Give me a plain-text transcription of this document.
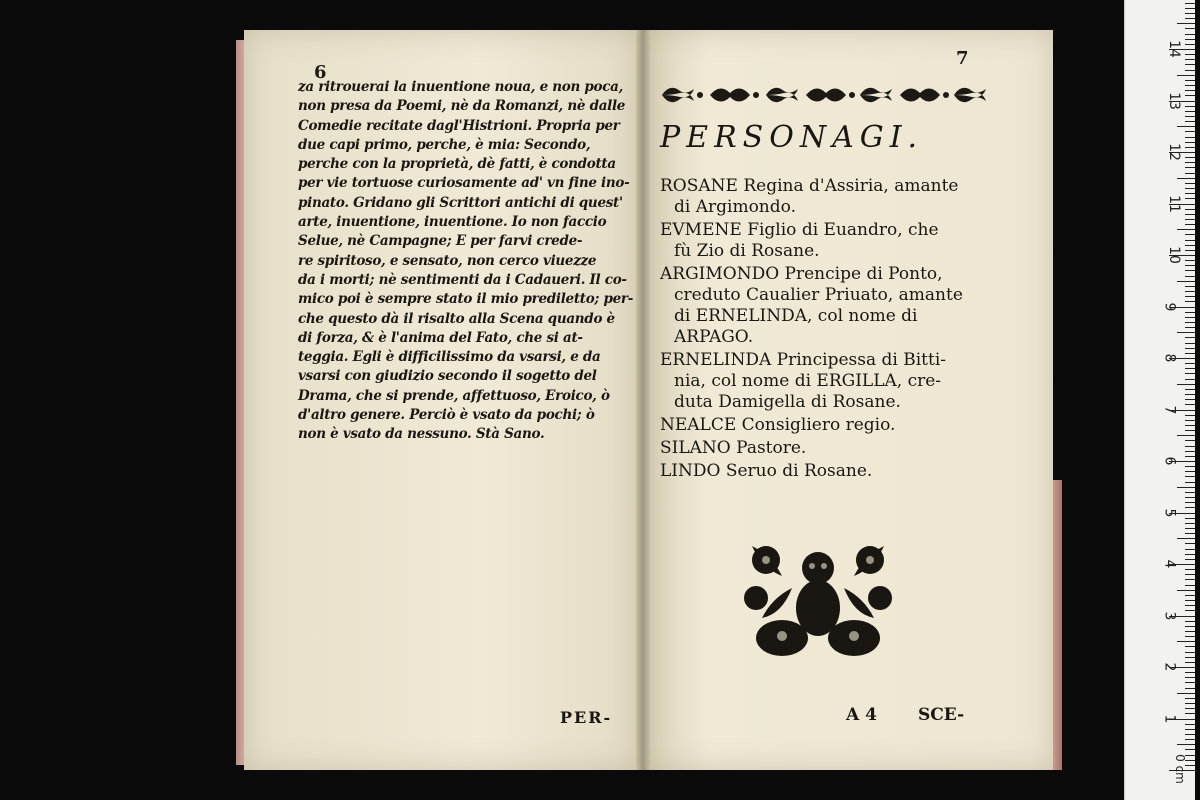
6
za ritrouerai la inuentione noua, e non poca,
non presa da Poemi, nè da Romanzi, nè dalle
Comedie recitate dagl'Histrioni. Propria per
due capi primo, perche, è mia: Secondo,
perche con la proprietà, dè fatti, è condotta
per vie tortuose curiosamente ad' vn fine ino-
pinato. Gridano gli Scrittori antichi di quest'
arte, inuentione, inuentione. Io non faccio
Selue, nè Campagne; E per farvi crede-
re spiritoso, e sensato, non cerco viuezze
da i morti; nè sentimenti da i Cadaueri. Il co-
mico poi è sempre stato il mio prediletto; per-
che questo dà il risalto alla Scena quando è
di forza, & è l'anima del Fato, che si at-
teggia. Egli è difficilissimo da vsarsi, e da
vsarsi con giudizio secondo il sogetto del
Drama, che si prende, affettuoso, Eroico, ò
d'altro genere. Perciò è vsato da pochi; ò
non è vsato da nessuno. Stà Sano.
PER-
7
PERSONAGI.
ROSANE Regina d'Assiria, amante
di Argimondo.
EVMENE Figlio di Euandro, che
fù Zio di Rosane.
ARGIMONDO Prencipe di Ponto,
creduto Caualier Priuato, amante
di ERNELINDA, col nome di
ARPAGO.
ERNELINDA Principessa di Bitti-
nia, col nome di ERGILLA, cre-
duta Damigella di Rosane.
NEALCE Consigliero regio.
SILANO Pastore.
LINDO Seruo di Rosane.
A 4 SCE-	1
2
3
4
5
6
7
8
9
10
11
12
13
14
0 cm
